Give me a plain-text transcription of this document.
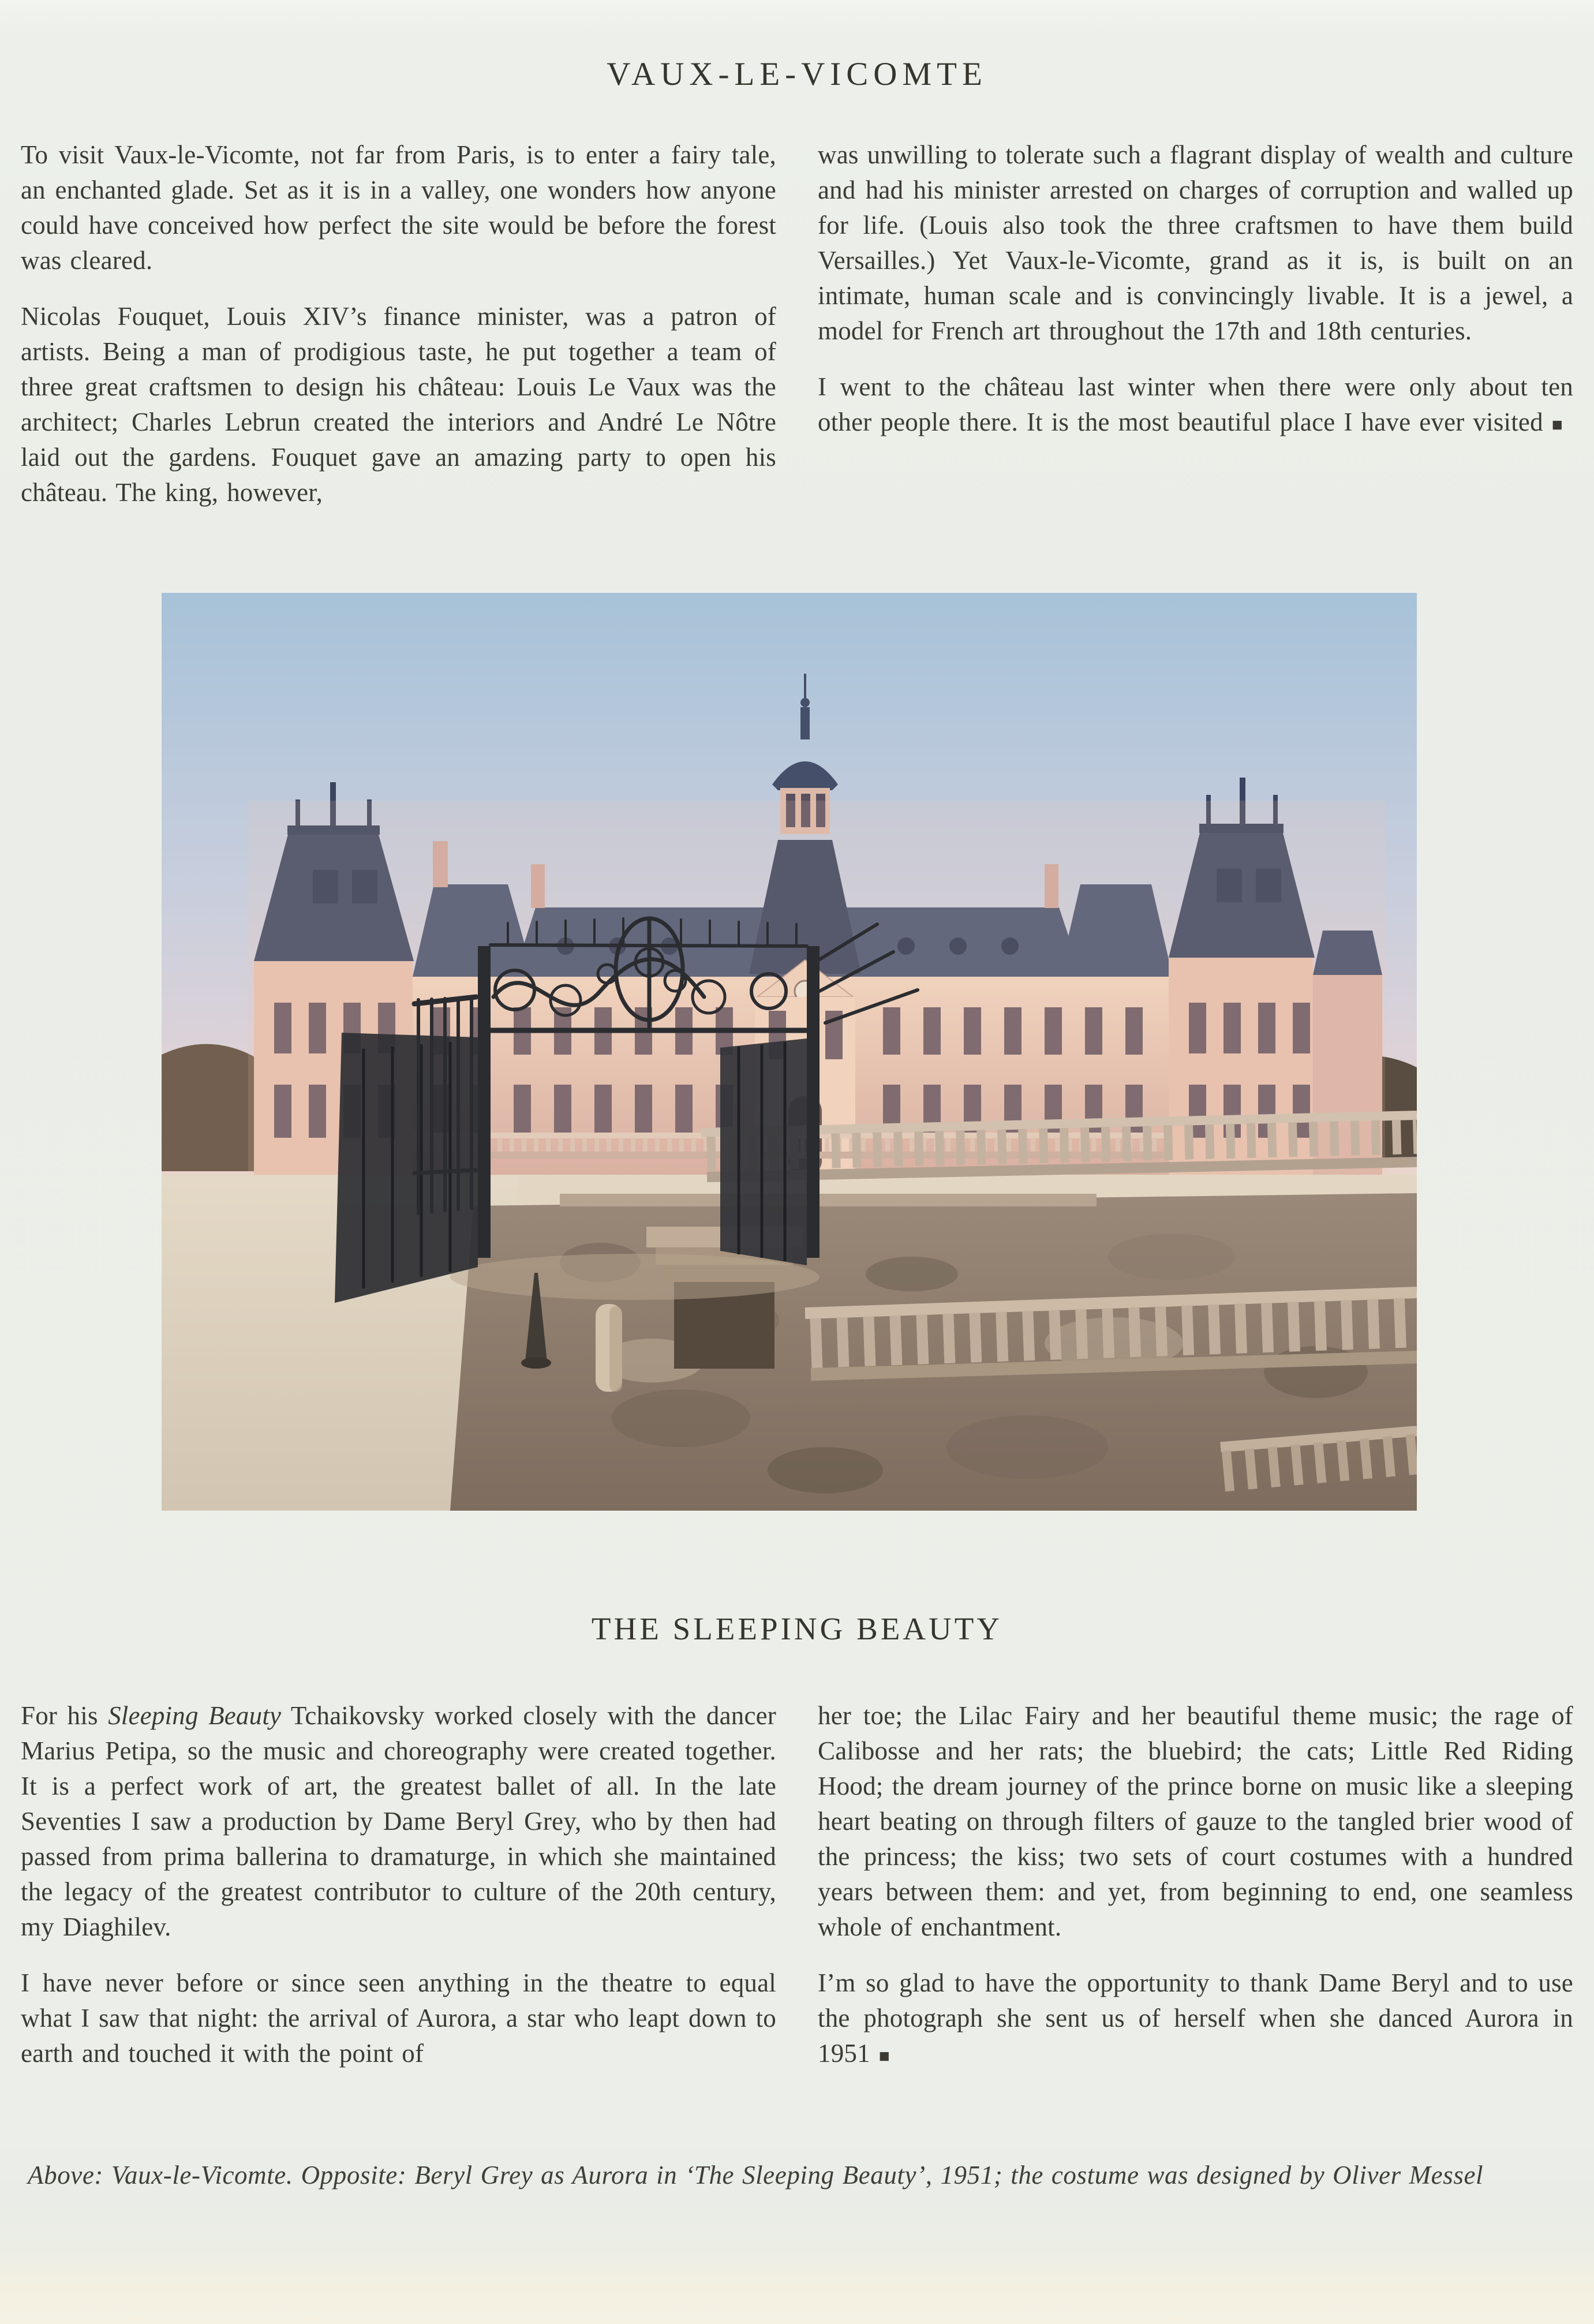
VAUX-LE-VICOMTE

To visit Vaux-le-Vicomte, not far from Paris, is to enter a fairy tale, an enchanted glade. Set as it is in a valley, one wonders how anyone could have conceived how perfect the site would be before the forest was cleared.

Nicolas Fouquet, Louis XIV’s finance minister, was a patron of artists. Being a man of prodigious taste, he put together a team of three great craftsmen to design his château: Louis Le Vaux was the architect; Charles Lebrun created the interiors and André Le Nôtre laid out the gardens. Fouquet gave an amazing party to open his château. The king, however,

was unwilling to tolerate such a flagrant display of wealth and culture and had his minister arrested on charges of corruption and walled up for life. (Louis also took the three craftsmen to have them build Versailles.) Yet Vaux-le-Vicomte, grand as it is, is built on an intimate, human scale and is convincingly livable. It is a jewel, a model for French art throughout the 17th and 18th centuries.

I went to the château last winter when there were only about ten other people there. It is the most beautiful place I have ever visited ■

THE SLEEPING BEAUTY

For his Sleeping Beauty Tchaikovsky worked closely with the dancer Marius Petipa, so the music and choreography were created together. It is a perfect work of art, the greatest ballet of all. In the late Seventies I saw a production by Dame Beryl Grey, who by then had passed from prima ballerina to dramaturge, in which she maintained the legacy of the greatest contributor to culture of the 20th century, my Diaghilev.

I have never before or since seen anything in the theatre to equal what I saw that night: the arrival of Aurora, a star who leapt down to earth and touched it with the point of

her toe; the Lilac Fairy and her beautiful theme music; the rage of Calibosse and her rats; the bluebird; the cats; Little Red Riding Hood; the dream journey of the prince borne on music like a sleeping heart beating on through filters of gauze to the tangled brier wood of the princess; the kiss; two sets of court costumes with a hundred years between them: and yet, from beginning to end, one seamless whole of enchantment.

I’m so glad to have the opportunity to thank Dame Beryl and to use the photograph she sent us of herself when she danced Aurora in 1951 ■

Above: Vaux-le-Vicomte. Opposite: Beryl Grey as Aurora in ‘The Sleeping Beauty’, 1951; the costume was designed by Oliver Messel
